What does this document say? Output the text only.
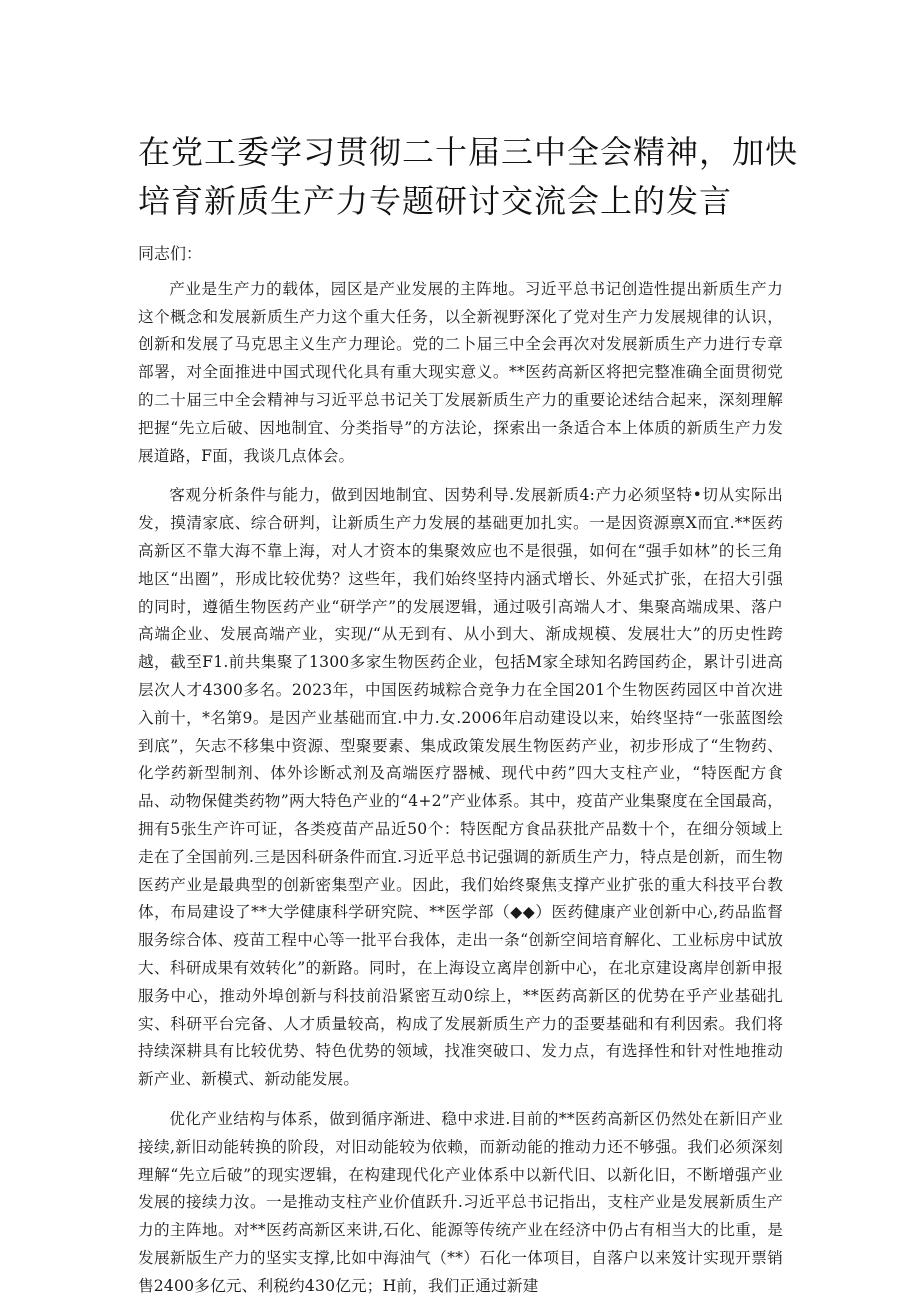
在党工委学习贯彻二十届三中全会精神，加快培育新质生产力专题研讨交流会上的发言

同志们：

产业是生产力的载体，园区是产业发展的主阵地。习近平总书记创造性提出新质生产力这个概念和发展新质生产力这个重大任务，以全新视野深化了党对生产力发展规律的认识，创新和发展了马克思主义生产力理论。党的二卜届三中全会再次对发展新质生产力进行专章部署，对全面推进中国式现代化具有重大现实意义。**医药高新区将把完整准确全面贯彻党的二十届三中全会精神与习近平总书记关丁发展新质生产力的重要论述结合起来，深刻理解把握“先立后破、因地制宜、分类指导”的方法论，探索出一条适合本上体质的新质生产力发展道路，F面，我谈几点体会。

客观分析条件与能力，做到因地制宜、因势利导.发展新质4:产力必须坚特•切从实际出发，摸清家底、综合研判，让新质生产力发展的基础更加扎实。一是因资源禀X而宜.**医药高新区不靠大海不靠上海，对人才资本的集聚效应也不是很强，如何在“强手如林”的长三角地区“出圈”，形成比较优势？这些年，我们始终坚持内涵式增长、外延式扩张，在招大引强的同时，遵循生物医药产业“研学产”的发展逻辑，通过吸引高端人才、集聚高端成果、落户高端企业、发展高端产业，实现/“从无到有、从小到大、渐成规模、发展壮大”的历史性跨越，截至F1.前共集聚了1300多家生物医药企业，包括M家全球知名跨国药企，累计引进高层次人才4300多名。2023年，中国医药城粽合竞争力在全国201个生物医药园区中首次进入前十，*名第9。是因产业基础而宜.中力.女.2006年启动建设以来，始终坚持“一张蓝图绘到底”，矢志不移集中资源、型聚要素、集成政策发展生物医药产业，初步形成了“生物药、化学药新型制剂、体外诊断忒剂及高端医疗器械、现代中药”四大支柱产业，“特医配方食品、动物保健类药物”两大特色产业的“4+2”产业体系。其中，疫苗产业集聚度在全国最高，拥有5张生产许可证，各类疫苗产品近50个：特医配方食品获批产品数十个，在细分领域上走在了全国前列.三是因科研条件而宜.习近平总书记强调的新质生产力，特点是创新，而生物医药产业是最典型的创新密集型产业。因此，我们始终聚焦支撑产业扩张的重大科技平台教体，布局建设了**大学健康科学研究院、**医学部（◆◆）医药健康产业创新中心,药品监督服务综合体、疫苗工程中心等一批平台我体，走出一条“创新空间培育解化、工业标房中试放大、科研成果有效转化”的新路。同时，在上海设立离岸创新中心，在北京建设离岸创新申报服务中心，推动外埠创新与科技前沿紧密互动0综上，**医药高新区的优势在乎产业基础扎实、科研平台完备、人才质量较高，构成了发展新质生产力的歪要基础和有利因索。我们将持续深耕具有比较优势、特色优势的领域，找准突破口、发力点，有选择性和针对性地推动新产业、新模式、新动能发展。

优化产业结构与体系，做到循序渐进、稳中求进.目前的**医药高新区仍然处在新旧产业接续,新旧动能转换的阶段，对旧动能较为依赖，而新动能的推动力还不够强。我们必须深刻理解“先立后破”的现实逻辑，在构建现代化产业体系中以新代旧、以新化旧，不断增强产业发展的接续力汝。一是推动支柱产业价值跃升.习近平总书记指出，支柱产业是发展新质生产力的主阵地。对**医药高新区来讲,石化、能源等传统产业在经济中仍占有相当大的比重，是发展新版生产力的坚实支撑,比如中海油气（**）石化一体项目，自落户以来笈计实现开票销售2400多亿元、利税约430亿元；H前，我们正通过新建
